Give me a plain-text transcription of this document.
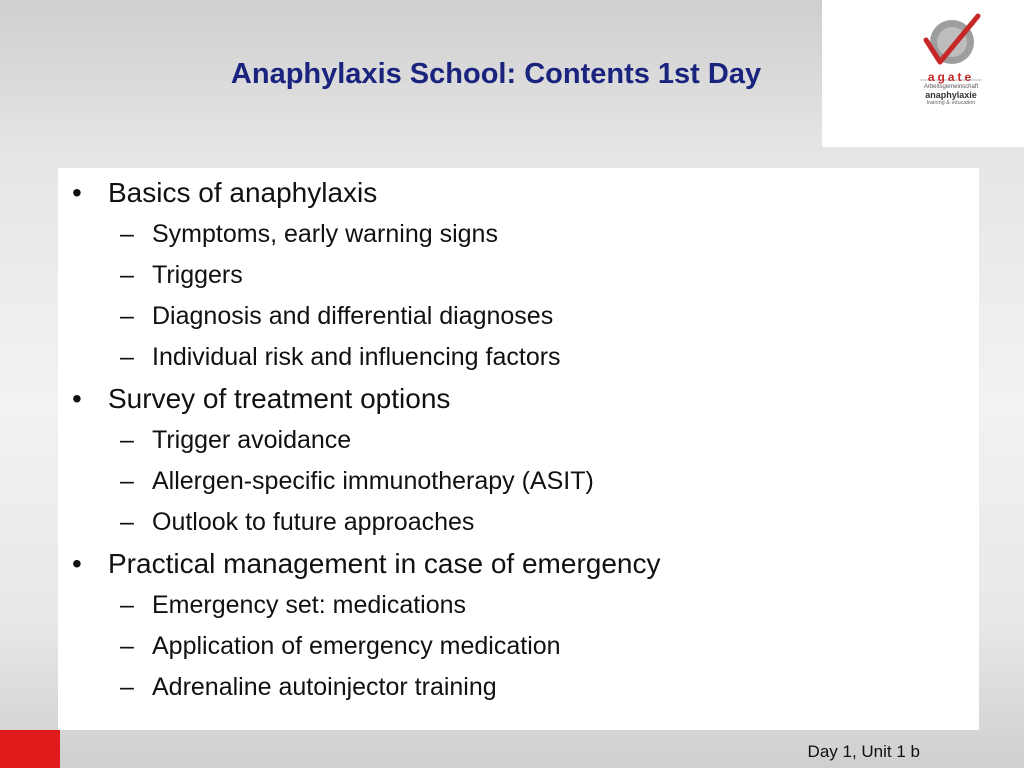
Anaphylaxis School: Contents 1st Day	agate
Arbeitsgemeinschaft
anaphylaxie
training & education
• Basics of anaphylaxis
– Symptoms, early warning signs
– Triggers
– Diagnosis and differential diagnoses
– Individual risk and influencing factors
• Survey of treatment options
– Trigger avoidance
– Allergen-specific immunotherapy (ASIT)
– Outlook to future approaches
• Practical management in case of emergency
– Emergency set: medications
– Application of emergency medication
– Adrenaline autoinjector training
Day 1, Unit 1 b
